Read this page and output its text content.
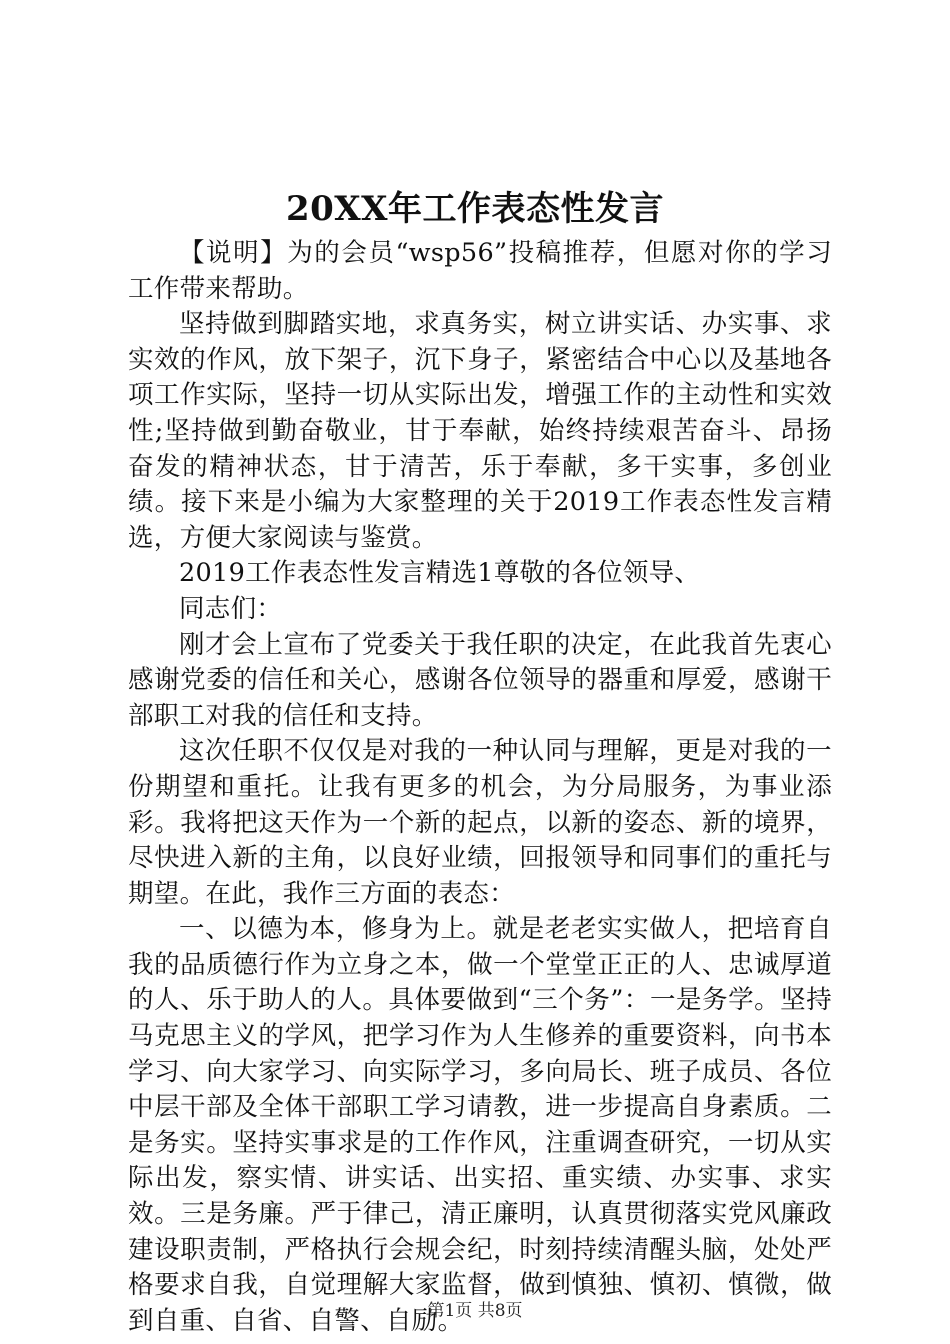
20XX年工作表态性发言

【说明】为的会员“wsp56”投稿推荐，但愿对你的学习工作带来帮助。

坚持做到脚踏实地，求真务实，树立讲实话、办实事、求实效的作风，放下架子，沉下身子，紧密结合中心以及基地各项工作实际，坚持一切从实际出发，增强工作的主动性和实效性;坚持做到勤奋敬业，甘于奉献，始终持续艰苦奋斗、昂扬奋发的精神状态，甘于清苦，乐于奉献，多干实事，多创业绩。接下来是小编为大家整理的关于2019工作表态性发言精选，方便大家阅读与鉴赏。

2019工作表态性发言精选1尊敬的各位领导、

同志们：

刚才会上宣布了党委关于我任职的决定，在此我首先衷心感谢党委的信任和关心，感谢各位领导的器重和厚爱，感谢干部职工对我的信任和支持。

这次任职不仅仅是对我的一种认同与理解，更是对我的一份期望和重托。让我有更多的机会，为分局服务，为事业添彩。我将把这天作为一个新的起点，以新的姿态、新的境界，尽快进入新的主角，以良好业绩，回报领导和同事们的重托与期望。在此，我作三方面的表态：

一、以德为本，修身为上。就是老老实实做人，把培育自我的品质德行作为立身之本，做一个堂堂正正的人、忠诚厚道的人、乐于助人的人。具体要做到“三个务”：一是务学。坚持马克思主义的学风，把学习作为人生修养的重要资料，向书本学习、向大家学习、向实际学习，多向局长、班子成员、各位中层干部及全体干部职工学习请教，进一步提高自身素质。二是务实。坚持实事求是的工作作风，注重调查研究，一切从实际出发，察实情、讲实话、出实招、重实绩、办实事、求实效。三是务廉。严于律己，清正廉明，认真贯彻落实党风廉政建设职责制，严格执行会规会纪，时刻持续清醒头脑，处处严格要求自我，自觉理解大家监督，做到慎独、慎初、慎微，做到自重、自省、自警、自励。

第1页 共8页
